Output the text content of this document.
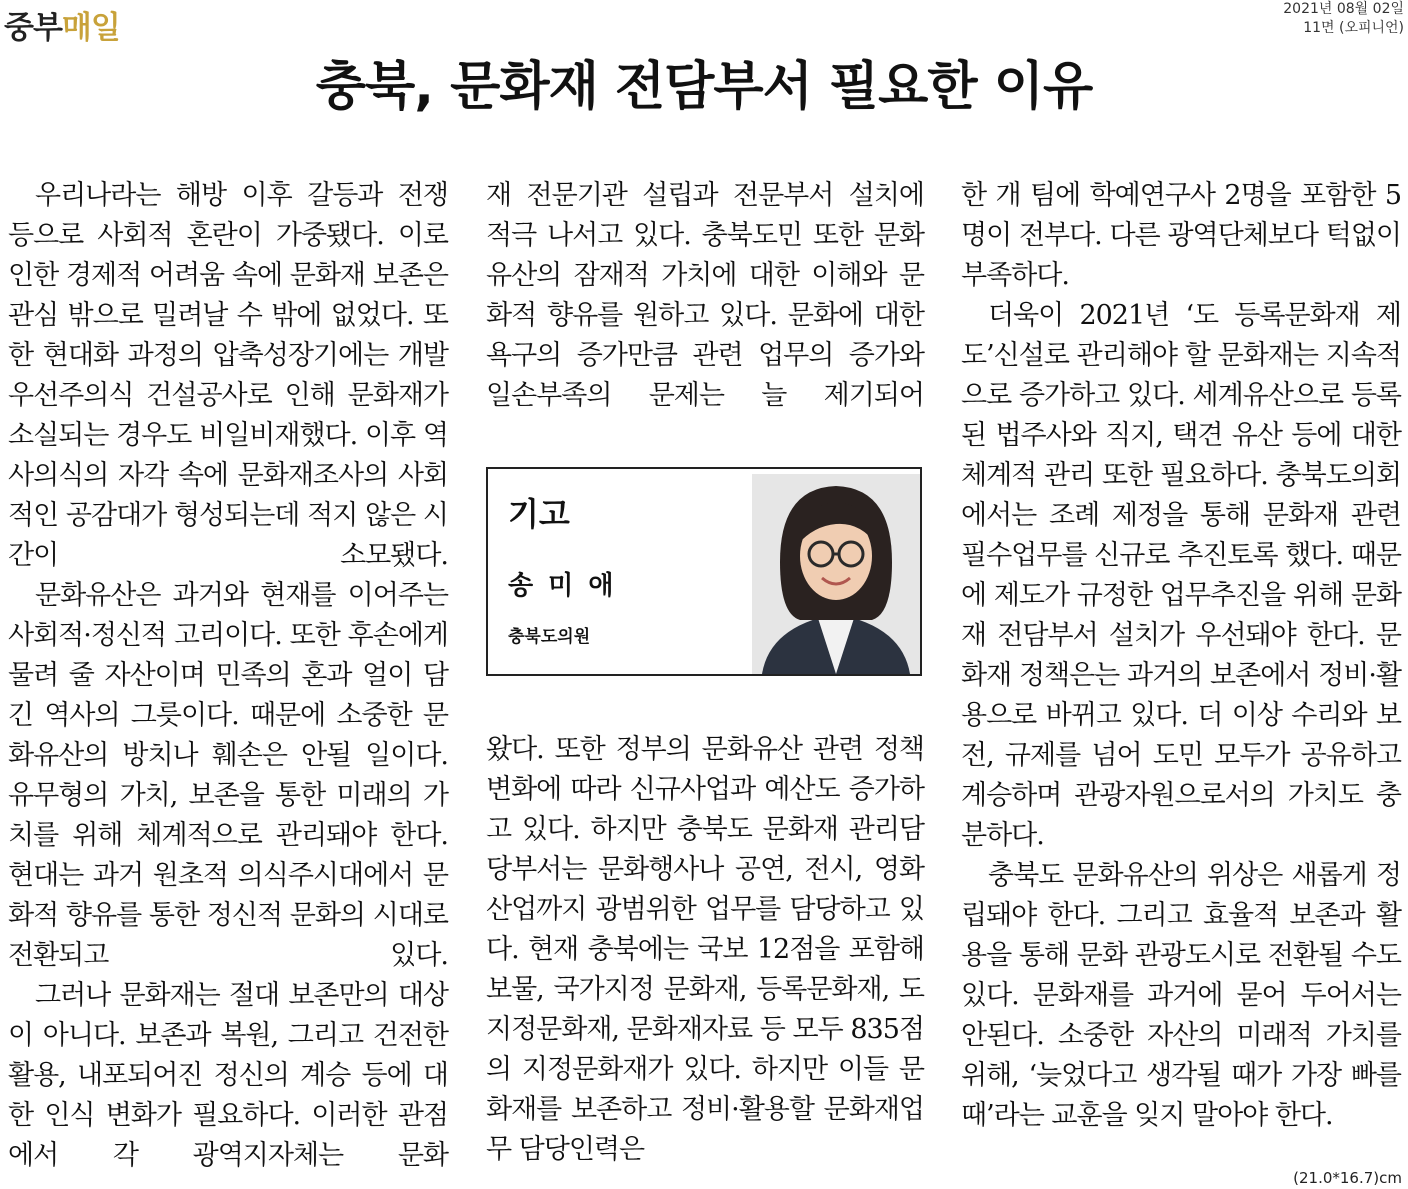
중부매일
2021년 08월 02일
11면 (오피니언)
충북, 문화재 전담부서 필요한 이유

우리나라는 해방 이후 갈등과 전쟁 등으로 사회적 혼란이 가중됐다. 이로 인한 경제적 어려움 속에 문화재 보존은 관심 밖으로 밀려날 수 밖에 없었다. 또한 현대화 과정의 압축성장기에는 개발 우선주의식 건설공사로 인해 문화재가 소실되는 경우도 비일비재했다. 이후 역사의식의 자각 속에 문화재조사의 사회적인 공감대가 형성되는데 적지 않은 시간이 소모됐다.

문화유산은 과거와 현재를 이어주는 사회적·정신적 고리이다. 또한 후손에게 물려 줄 자산이며 민족의 혼과 얼이 담긴 역사의 그릇이다. 때문에 소중한 문화유산의 방치나 훼손은 안될 일이다. 유무형의 가치, 보존을 통한 미래의 가치를 위해 체계적으로 관리돼야 한다. 현대는 과거 원초적 의식주시대에서 문화적 향유를 통한 정신적 문화의 시대로 전환되고 있다.

그러나 문화재는 절대 보존만의 대상이 아니다. 보존과 복원, 그리고 건전한 활용, 내포되어진 정신의 계승 등에 대한 인식 변화가 필요하다. 이러한 관점에서 각 광역지자체는 문화

재 전문기관 설립과 전문부서 설치에 적극 나서고 있다. 충북도민 또한 문화유산의 잠재적 가치에 대한 이해와 문화적 향유를 원하고 있다. 문화에 대한 욕구의 증가만큼 관련 업무의 증가와 일손부족의 문제는 늘 제기되어

기고
송 미 애
충북도의원

왔다. 또한 정부의 문화유산 관련 정책 변화에 따라 신규사업과 예산도 증가하고 있다. 하지만 충북도 문화재 관리담당부서는 문화행사나 공연, 전시, 영화산업까지 광범위한 업무를 담당하고 있다. 현재 충북에는 국보 12점을 포함해 보물, 국가지정 문화재, 등록문화재, 도 지정문화재, 문화재자료 등 모두 835점의 지정문화재가 있다. 하지만 이들 문화재를 보존하고 정비·활용할 문화재업무 담당인력은

한 개 팀에 학예연구사 2명을 포함한 5명이 전부다. 다른 광역단체보다 턱없이 부족하다.

더욱이 2021년 ‘도 등록문화재 제도’신설로 관리해야 할 문화재는 지속적으로 증가하고 있다. 세계유산으로 등록된 법주사와 직지, 택견 유산 등에 대한 체계적 관리 또한 필요하다. 충북도의회에서는 조례 제정을 통해 문화재 관련 필수업무를 신규로 추진토록 했다. 때문에 제도가 규정한 업무추진을 위해 문화재 전담부서 설치가 우선돼야 한다. 문화재 정책은는 과거의 보존에서 정비·활용으로 바뀌고 있다. 더 이상 수리와 보전, 규제를 넘어 도민 모두가 공유하고 계승하며 관광자원으로서의 가치도 충분하다.

충북도 문화유산의 위상은 새롭게 정립돼야 한다. 그리고 효율적 보존과 활용을 통해 문화 관광도시로 전환될 수도 있다. 문화재를 과거에 묻어 두어서는 안된다. 소중한 자산의 미래적 가치를 위해, ‘늦었다고 생각될 때가 가장 빠를 때’라는 교훈을 잊지 말아야 한다.

(21.0*16.7)cm
